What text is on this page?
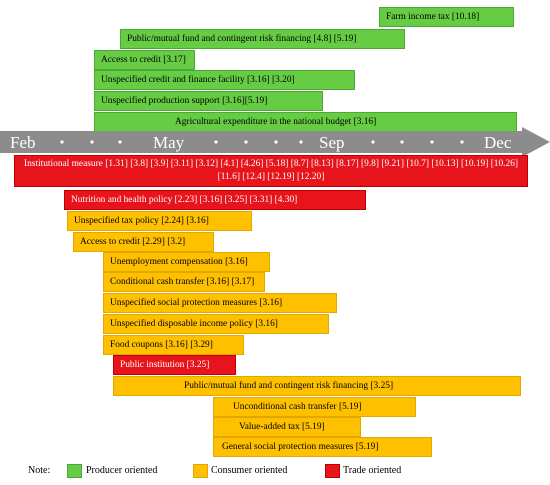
Farm income tax [10.18]
Public/mutual fund and contingent risk financing [4.8] [5.19]
Access to credit [3.17]
Unspecified credit and finance facility [3.16] [3.20]
Unspecified production support [3.16][5.19]
Agricultural expenditure in the national budget [3.16]
Feb	May	Sep	Dec
Institutional measure [1.31] [3.8] [3.9] [3.11] [3.12] [4.1] [4.26] [5.18] [8.7] [8.13] [8.17] [9.8] [9.21] [10.7] [10.13] [10.19] [10.26] [11.6] [12.4] [12.19] [12.20]
Nutrition and health policy [2.23] [3.16] [3.25] [3.31] [4.30]
Unspecified tax policy [2.24] [3.16]
Access to credit [2.29] [3.2]
Unemployment compensation [3.16]
Conditional cash transfer [3.16] [3.17]
Unspecified social protection measures [3.16]
Unspecified disposable income policy [3.16]
Food coupons [3.16] [3.29]
Public institution [3.25]
Public/mutual fund and contingent risk financing [3.25]
Unconditional cash transfer [5.19]
Value-added tax [5.19]
General social protection measures [5.19]
Note:	Producer oriented	Consumer oriented	Trade oriented
